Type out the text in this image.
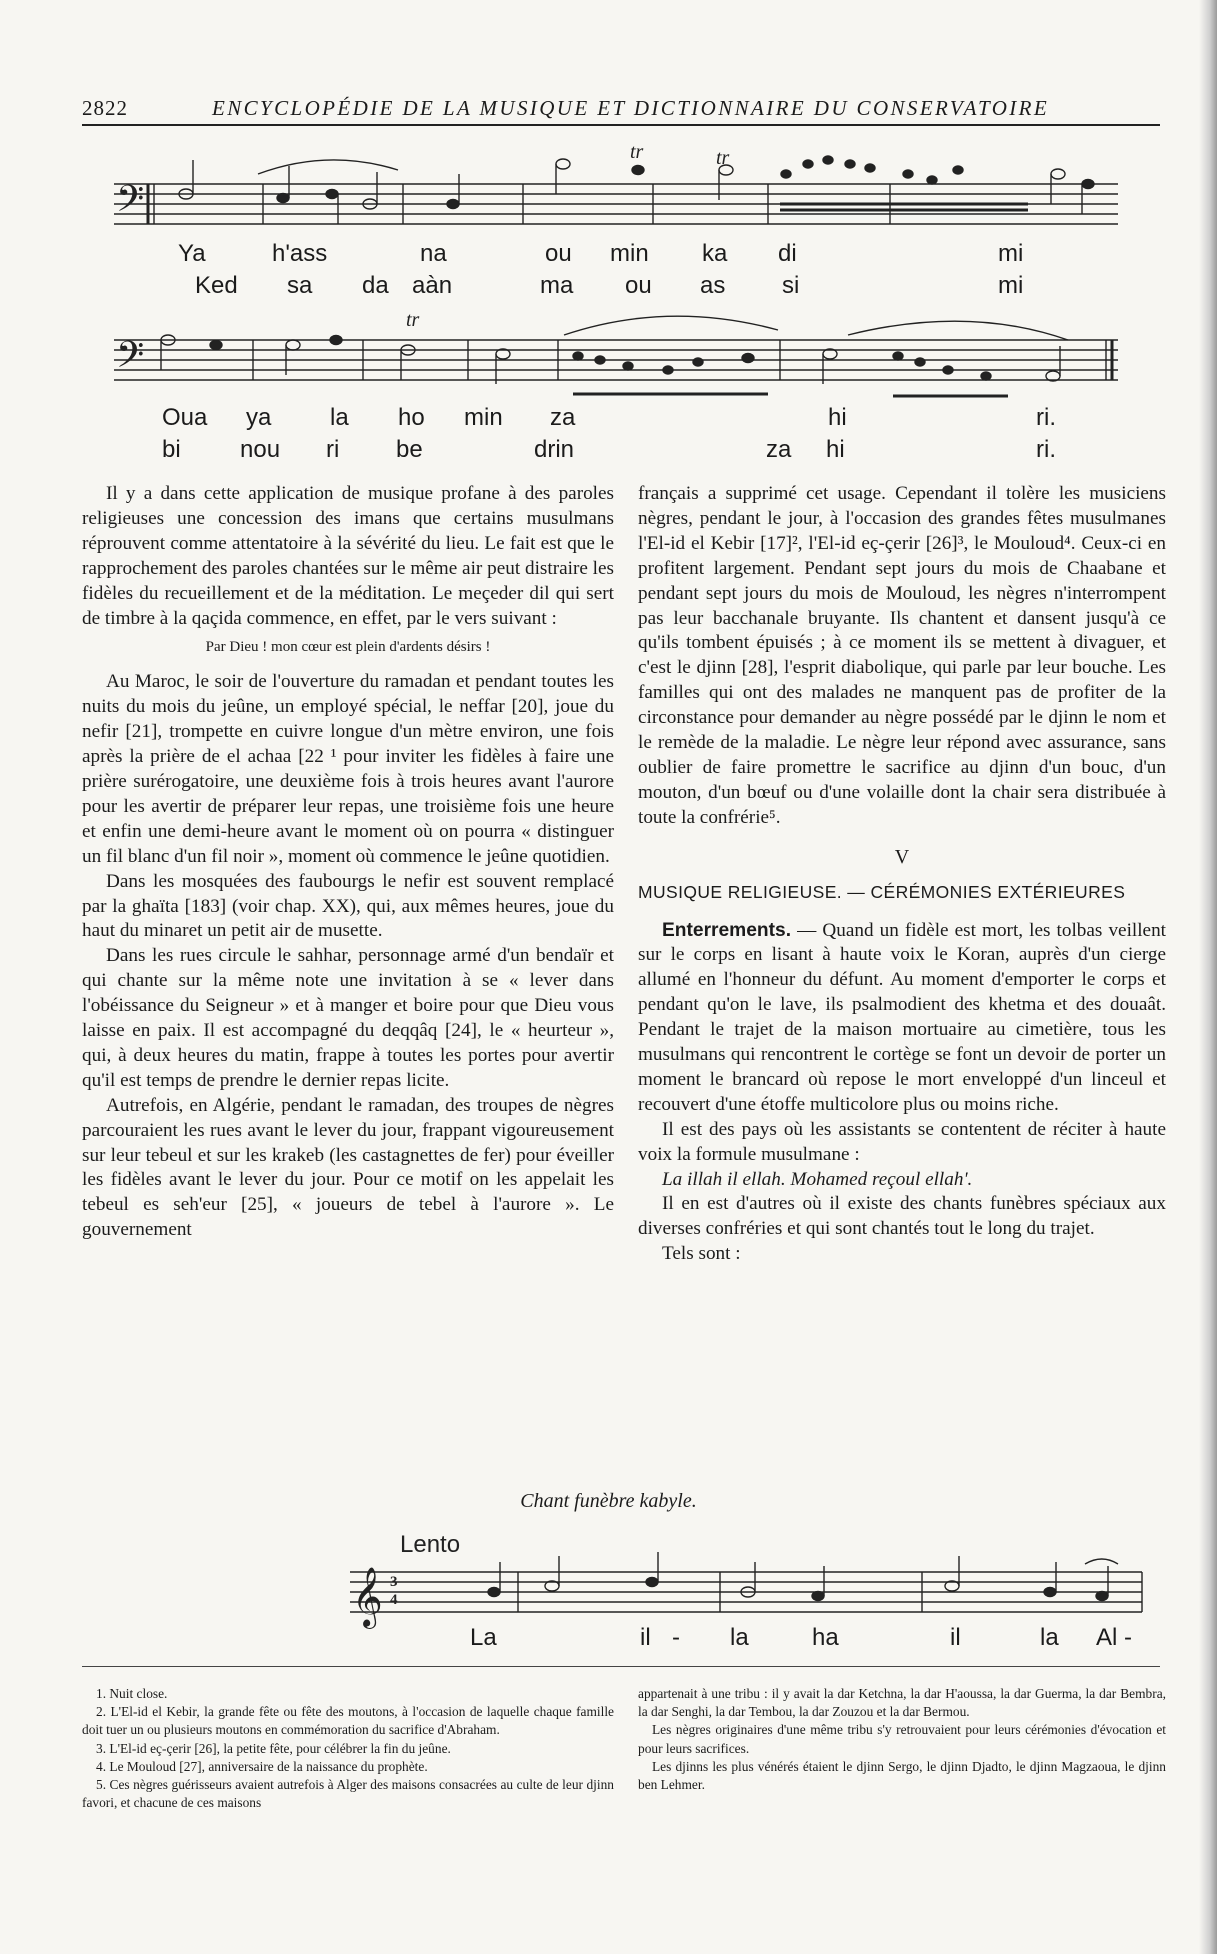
2822	ENCYCLOPÉDIE DE LA MUSIQUE ET DICTIONNAIRE DU CONSERVATOIRE
𝄢
𝄢
tr	tr
tr
Ya	h'ass	na	ou min ka di	mi
Ked sa da aàn	ma ou as si	mi
Oua ya la ho min za	hi	ri.
bi nou ri be	drin	za hi	ri.

Il y a dans cette application de musique profane à des paroles religieuses une concession des imans que certains musulmans réprouvent comme attentatoire à la sévérité du lieu. Le fait est que le rapprochement des paroles chantées sur le même air peut distraire les fidèles du recueillement et de la méditation. Le meçeder dil qui sert de timbre à la qaçida commence, en effet, par le vers suivant :

Par Dieu ! mon cœur est plein d'ardents désirs !

Au Maroc, le soir de l'ouverture du ramadan et pendant toutes les nuits du mois du jeûne, un employé spécial, le neffar [20], joue du nefir [21], trompette en cuivre longue d'un mètre environ, une fois après la prière de el achaa [22 ¹ pour inviter les fidèles à faire une prière surérogatoire, une deuxième fois à trois heures avant l'aurore pour les avertir de préparer leur repas, une troisième fois une heure et enfin une demi-heure avant le moment où on pourra « distinguer un fil blanc d'un fil noir », moment où commence le jeûne quotidien.

Dans les mosquées des faubourgs le nefir est souvent remplacé par la ghaïta [183] (voir chap. XX), qui, aux mêmes heures, joue du haut du minaret un petit air de musette.

Dans les rues circule le sahhar, personnage armé d'un bendaïr et qui chante sur la même note une invitation à se « lever dans l'obéissance du Seigneur » et à manger et boire pour que Dieu vous laisse en paix. Il est accompagné du deqqâq [24], le « heurteur », qui, à deux heures du matin, frappe à toutes les portes pour avertir qu'il est temps de prendre le dernier repas licite.

Autrefois, en Algérie, pendant le ramadan, des troupes de nègres parcouraient les rues avant le lever du jour, frappant vigoureusement sur leur tebeul et sur les krakeb (les castagnettes de fer) pour éveiller les fidèles avant le lever du jour. Pour ce motif on les appelait les tebeul es seh'eur [25], « joueurs de tebel à l'aurore ». Le gouvernement

français a supprimé cet usage. Cependant il tolère les musiciens nègres, pendant le jour, à l'occasion des grandes fêtes musulmanes l'El-id el Kebir [17]², l'El-id eç-çerir [26]³, le Mouloud⁴. Ceux-ci en profitent largement. Pendant sept jours du mois de Chaabane et pendant sept jours du mois de Mouloud, les nègres n'interrompent pas leur bacchanale bruyante. Ils chantent et dansent jusqu'à ce qu'ils tombent épuisés ; à ce moment ils se mettent à divaguer, et c'est le djinn [28], l'esprit diabolique, qui parle par leur bouche. Les familles qui ont des malades ne manquent pas de profiter de la circonstance pour demander au nègre possédé par le djinn le nom et le remède de la maladie. Le nègre leur répond avec assurance, sans oublier de faire promettre le sacrifice au djinn d'un bouc, d'un mouton, d'un bœuf ou d'une volaille dont la chair sera distribuée à toute la confrérie⁵.

V

MUSIQUE RELIGIEUSE. — CÉRÉMONIES EXTÉRIEURES

Enterrements. — Quand un fidèle est mort, les tolbas veillent sur le corps en lisant à haute voix le Koran, auprès d'un cierge allumé en l'honneur du défunt. Au moment d'emporter le corps et pendant qu'on le lave, ils psalmodient des khetma et des douaât. Pendant le trajet de la maison mortuaire au cimetière, tous les musulmans qui rencontrent le cortège se font un devoir de porter un moment le brancard où repose le mort enveloppé d'un linceul et recouvert d'une étoffe multicolore plus ou moins riche.

Il est des pays où les assistants se contentent de réciter à haute voix la formule musulmane :

La illah il ellah. Mohamed reçoul ellah'.

Il en est d'autres où il existe des chants funèbres spéciaux aux diverses confréries et qui sont chantés tout le long du trajet.

Tels sont :

Chant funèbre kabyle.
𝄞 3
4
Lento
La	il - la	ha	il	la Al -

1. Nuit close.

2. L'El-id el Kebir, la grande fête ou fête des moutons, à l'occasion de laquelle chaque famille doit tuer un ou plusieurs moutons en commémoration du sacrifice d'Abraham.

3. L'El-id eç-çerir [26], la petite fête, pour célébrer la fin du jeûne.

4. Le Mouloud [27], anniversaire de la naissance du prophète.

5. Ces nègres guérisseurs avaient autrefois à Alger des maisons consacrées au culte de leur djinn favori, et chacune de ces maisons

appartenait à une tribu : il y avait la dar Ketchna, la dar H'aoussa, la dar Guerma, la dar Bembra, la dar Senghi, la dar Tembou, la dar Zouzou et la dar Bermou.

Les nègres originaires d'une même tribu s'y retrouvaient pour leurs cérémonies d'évocation et pour leurs sacrifices.

Les djinns les plus vénérés étaient le djinn Sergo, le djinn Djadto, le djinn Magzaoua, le djinn ben Lehmer.
